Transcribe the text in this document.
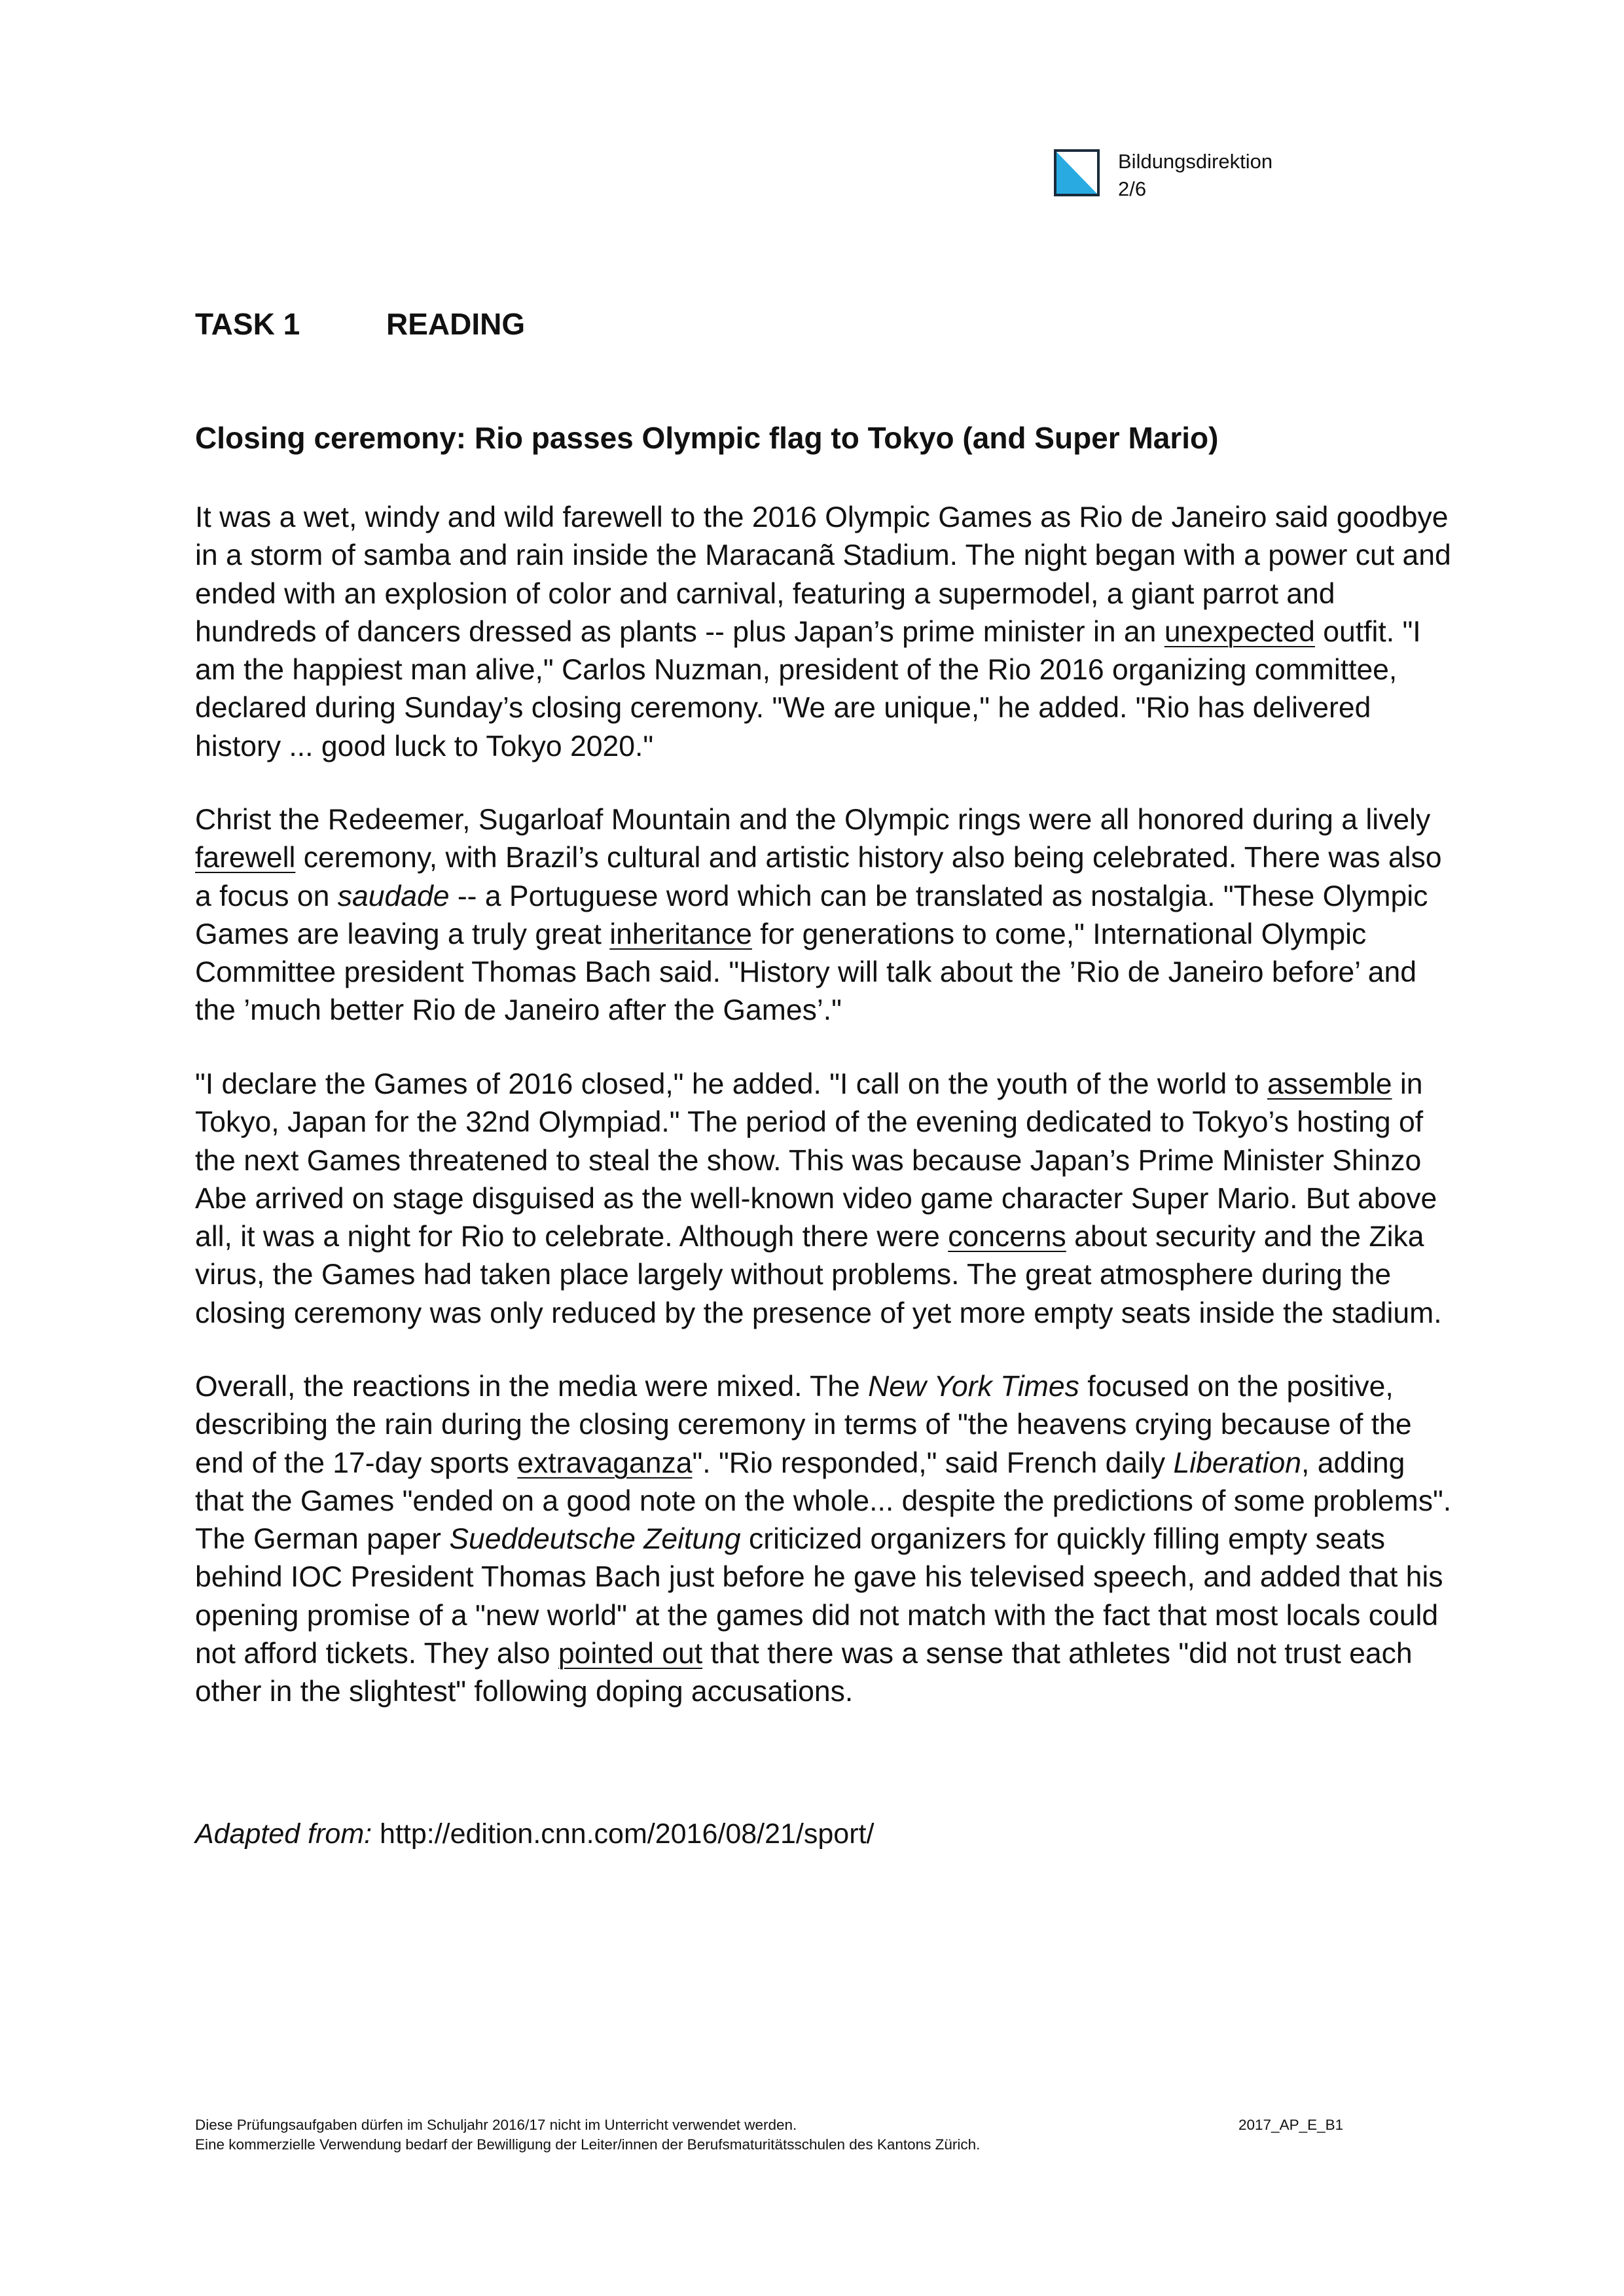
Bildungsdirektion
2/6
TASK 1	READING
Closing ceremony: Rio passes Olympic flag to Tokyo (and Super Mario)
It was a wet, windy and wild farewell to the 2016 Olympic Games as Rio de Janeiro said goodbye
in a storm of samba and rain inside the Maracanã Stadium. The night began with a power cut and
ended with an explosion of color and carnival, featuring a supermodel, a giant parrot and
hundreds of dancers dressed as plants -- plus Japan’s prime minister in an unexpected outfit. "I
am the happiest man alive," Carlos Nuzman, president of the Rio 2016 organizing committee,
declared during Sunday’s closing ceremony. "We are unique," he added. "Rio has delivered
history ... good luck to Tokyo 2020."
Christ the Redeemer, Sugarloaf Mountain and the Olympic rings were all honored during a lively
farewell ceremony, with Brazil’s cultural and artistic history also being celebrated. There was also
a focus on saudade -- a Portuguese word which can be translated as nostalgia. "These Olympic
Games are leaving a truly great inheritance for generations to come," International Olympic
Committee president Thomas Bach said. "History will talk about the ’Rio de Janeiro before’ and
the ’much better Rio de Janeiro after the Games’."
"I declare the Games of 2016 closed," he added. "I call on the youth of the world to assemble in
Tokyo, Japan for the 32nd Olympiad." The period of the evening dedicated to Tokyo’s hosting of
the next Games threatened to steal the show. This was because Japan’s Prime Minister Shinzo
Abe arrived on stage disguised as the well-known video game character Super Mario. But above
all, it was a night for Rio to celebrate. Although there were concerns about security and the Zika
virus, the Games had taken place largely without problems. The great atmosphere during the
closing ceremony was only reduced by the presence of yet more empty seats inside the stadium.
Overall, the reactions in the media were mixed. The New York Times focused on the positive,
describing the rain during the closing ceremony in terms of "the heavens crying because of the
end of the 17-day sports extravaganza". "Rio responded," said French daily Liberation, adding
that the Games "ended on a good note on the whole... despite the predictions of some problems".
The German paper Sueddeutsche Zeitung criticized organizers for quickly filling empty seats
behind IOC President Thomas Bach just before he gave his televised speech, and added that his
opening promise of a "new world" at the games did not match with the fact that most locals could
not afford tickets. They also pointed out that there was a sense that athletes "did not trust each
other in the slightest" following doping accusations.
Adapted from: http://edition.cnn.com/2016/08/21/sport/
Diese Prüfungsaufgaben dürfen im Schuljahr 2016/17 nicht im Unterricht verwendet werden.
Eine kommerzielle Verwendung bedarf der Bewilligung der Leiter/innen der Berufsmaturitätsschulen des Kantons Zürich.
2017_AP_E_B1
